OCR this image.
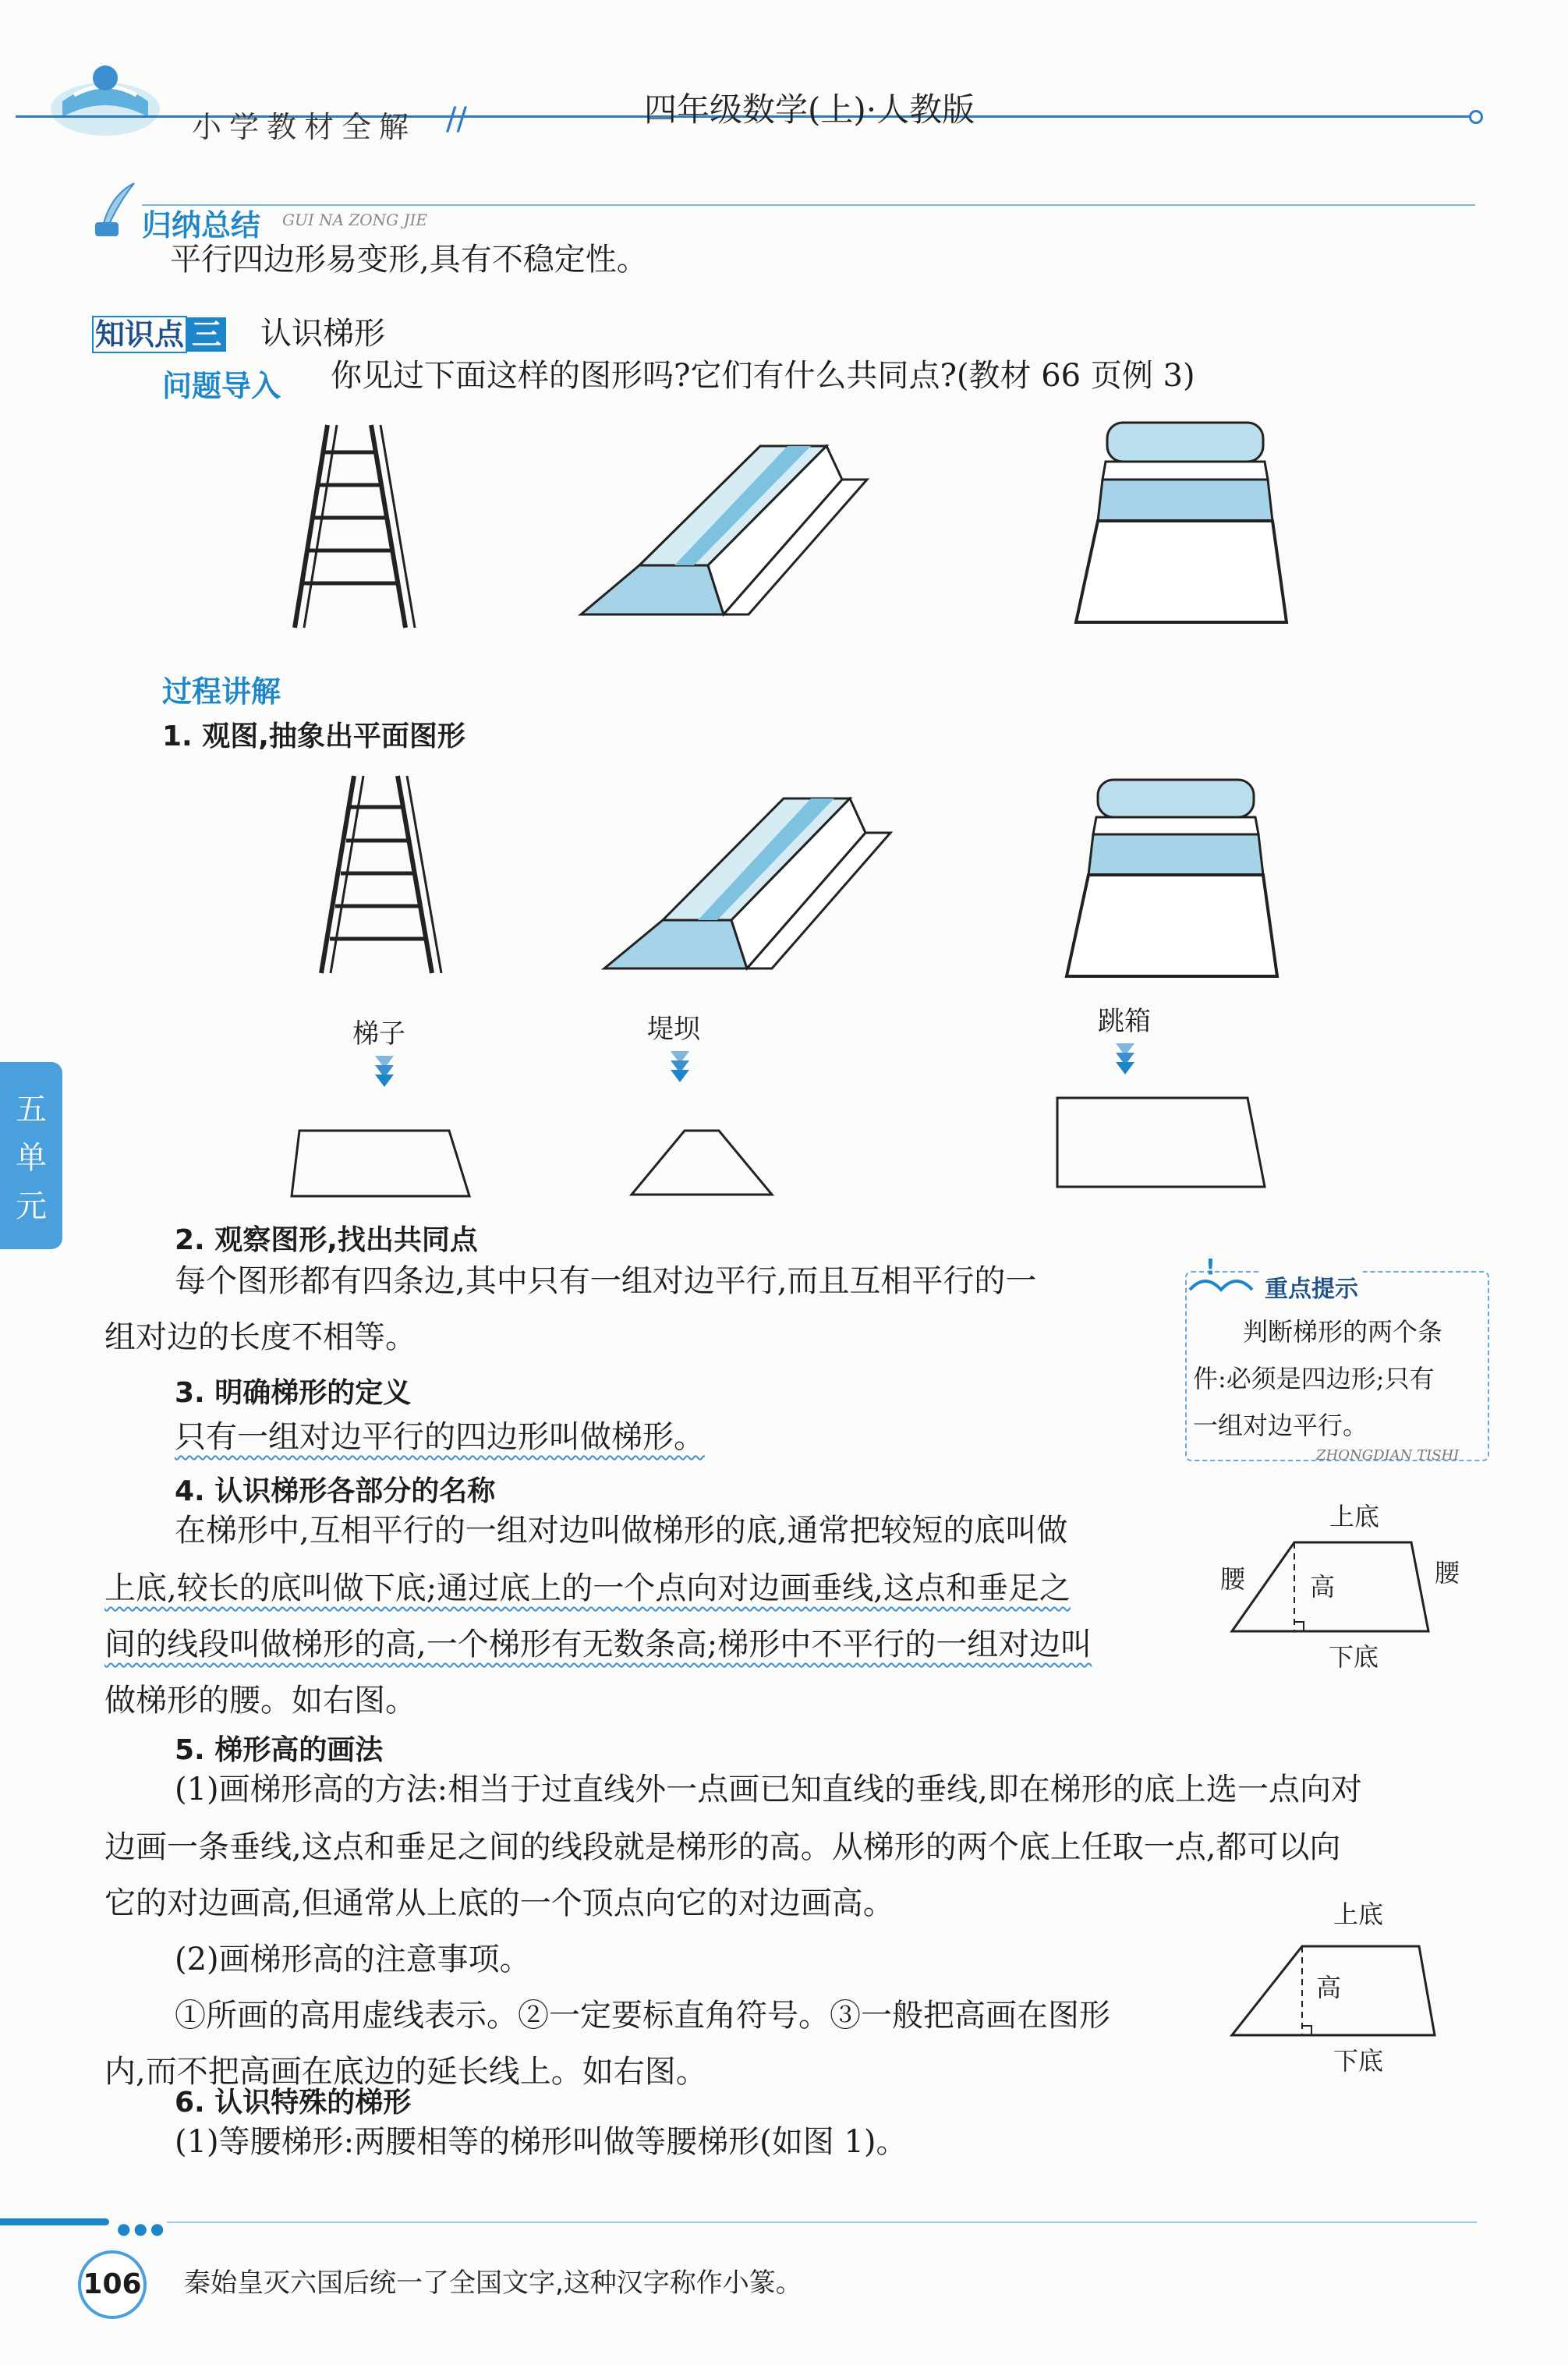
小学教材全解 //	四年级数学(上)·人教版
归纳总结 GUI NA ZONG JIE
平行四边形易变形,具有不稳定性。
知识点 三 认识梯形
问题导入 你见过下面这样的图形吗?它们有什么共同点?(教材 66 页例 3)
过程讲解
1. 观图,抽象出平面图形
梯子	堤坝	跳箱
2. 观察图形,找出共同点
每个图形都有四条边,其中只有一组对边平行,而且互相平行的一
组对边的长度不相等。
重点提示
判断梯形的两个条
件:必须是四边形;只有
一组对边平行。
ZHONGDIAN TISHI
!
3. 明确梯形的定义
只有一组对边平行的四边形叫做梯形。
4. 认识梯形各部分的名称
在梯形中,互相平行的一组对边叫做梯形的底,通常把较短的底叫做
上底,较长的底叫做下底;通过底上的一个点向对边画垂线,这点和垂足之
间的线段叫做梯形的高,一个梯形有无数条高;梯形中不平行的一组对边叫
做梯形的腰。如右图。
上底
腰	腰
高
下底
5. 梯形高的画法
(1)画梯形高的方法:相当于过直线外一点画已知直线的垂线,即在梯形的底上选一点向对
边画一条垂线,这点和垂足之间的线段就是梯形的高。从梯形的两个底上任取一点,都可以向
它的对边画高,但通常从上底的一个顶点向它的对边画高。
(2)画梯形高的注意事项。
①所画的高用虚线表示。②一定要标直角符号。③一般把高画在图形
内,而不把高画在底边的延长线上。如右图。
上底
高
下底
6. 认识特殊的梯形
(1)等腰梯形:两腰相等的梯形叫做等腰梯形(如图 1)。
五
单
元
●●●
106 秦始皇灭六国后统一了全国文字,这种汉字称作小篆。
